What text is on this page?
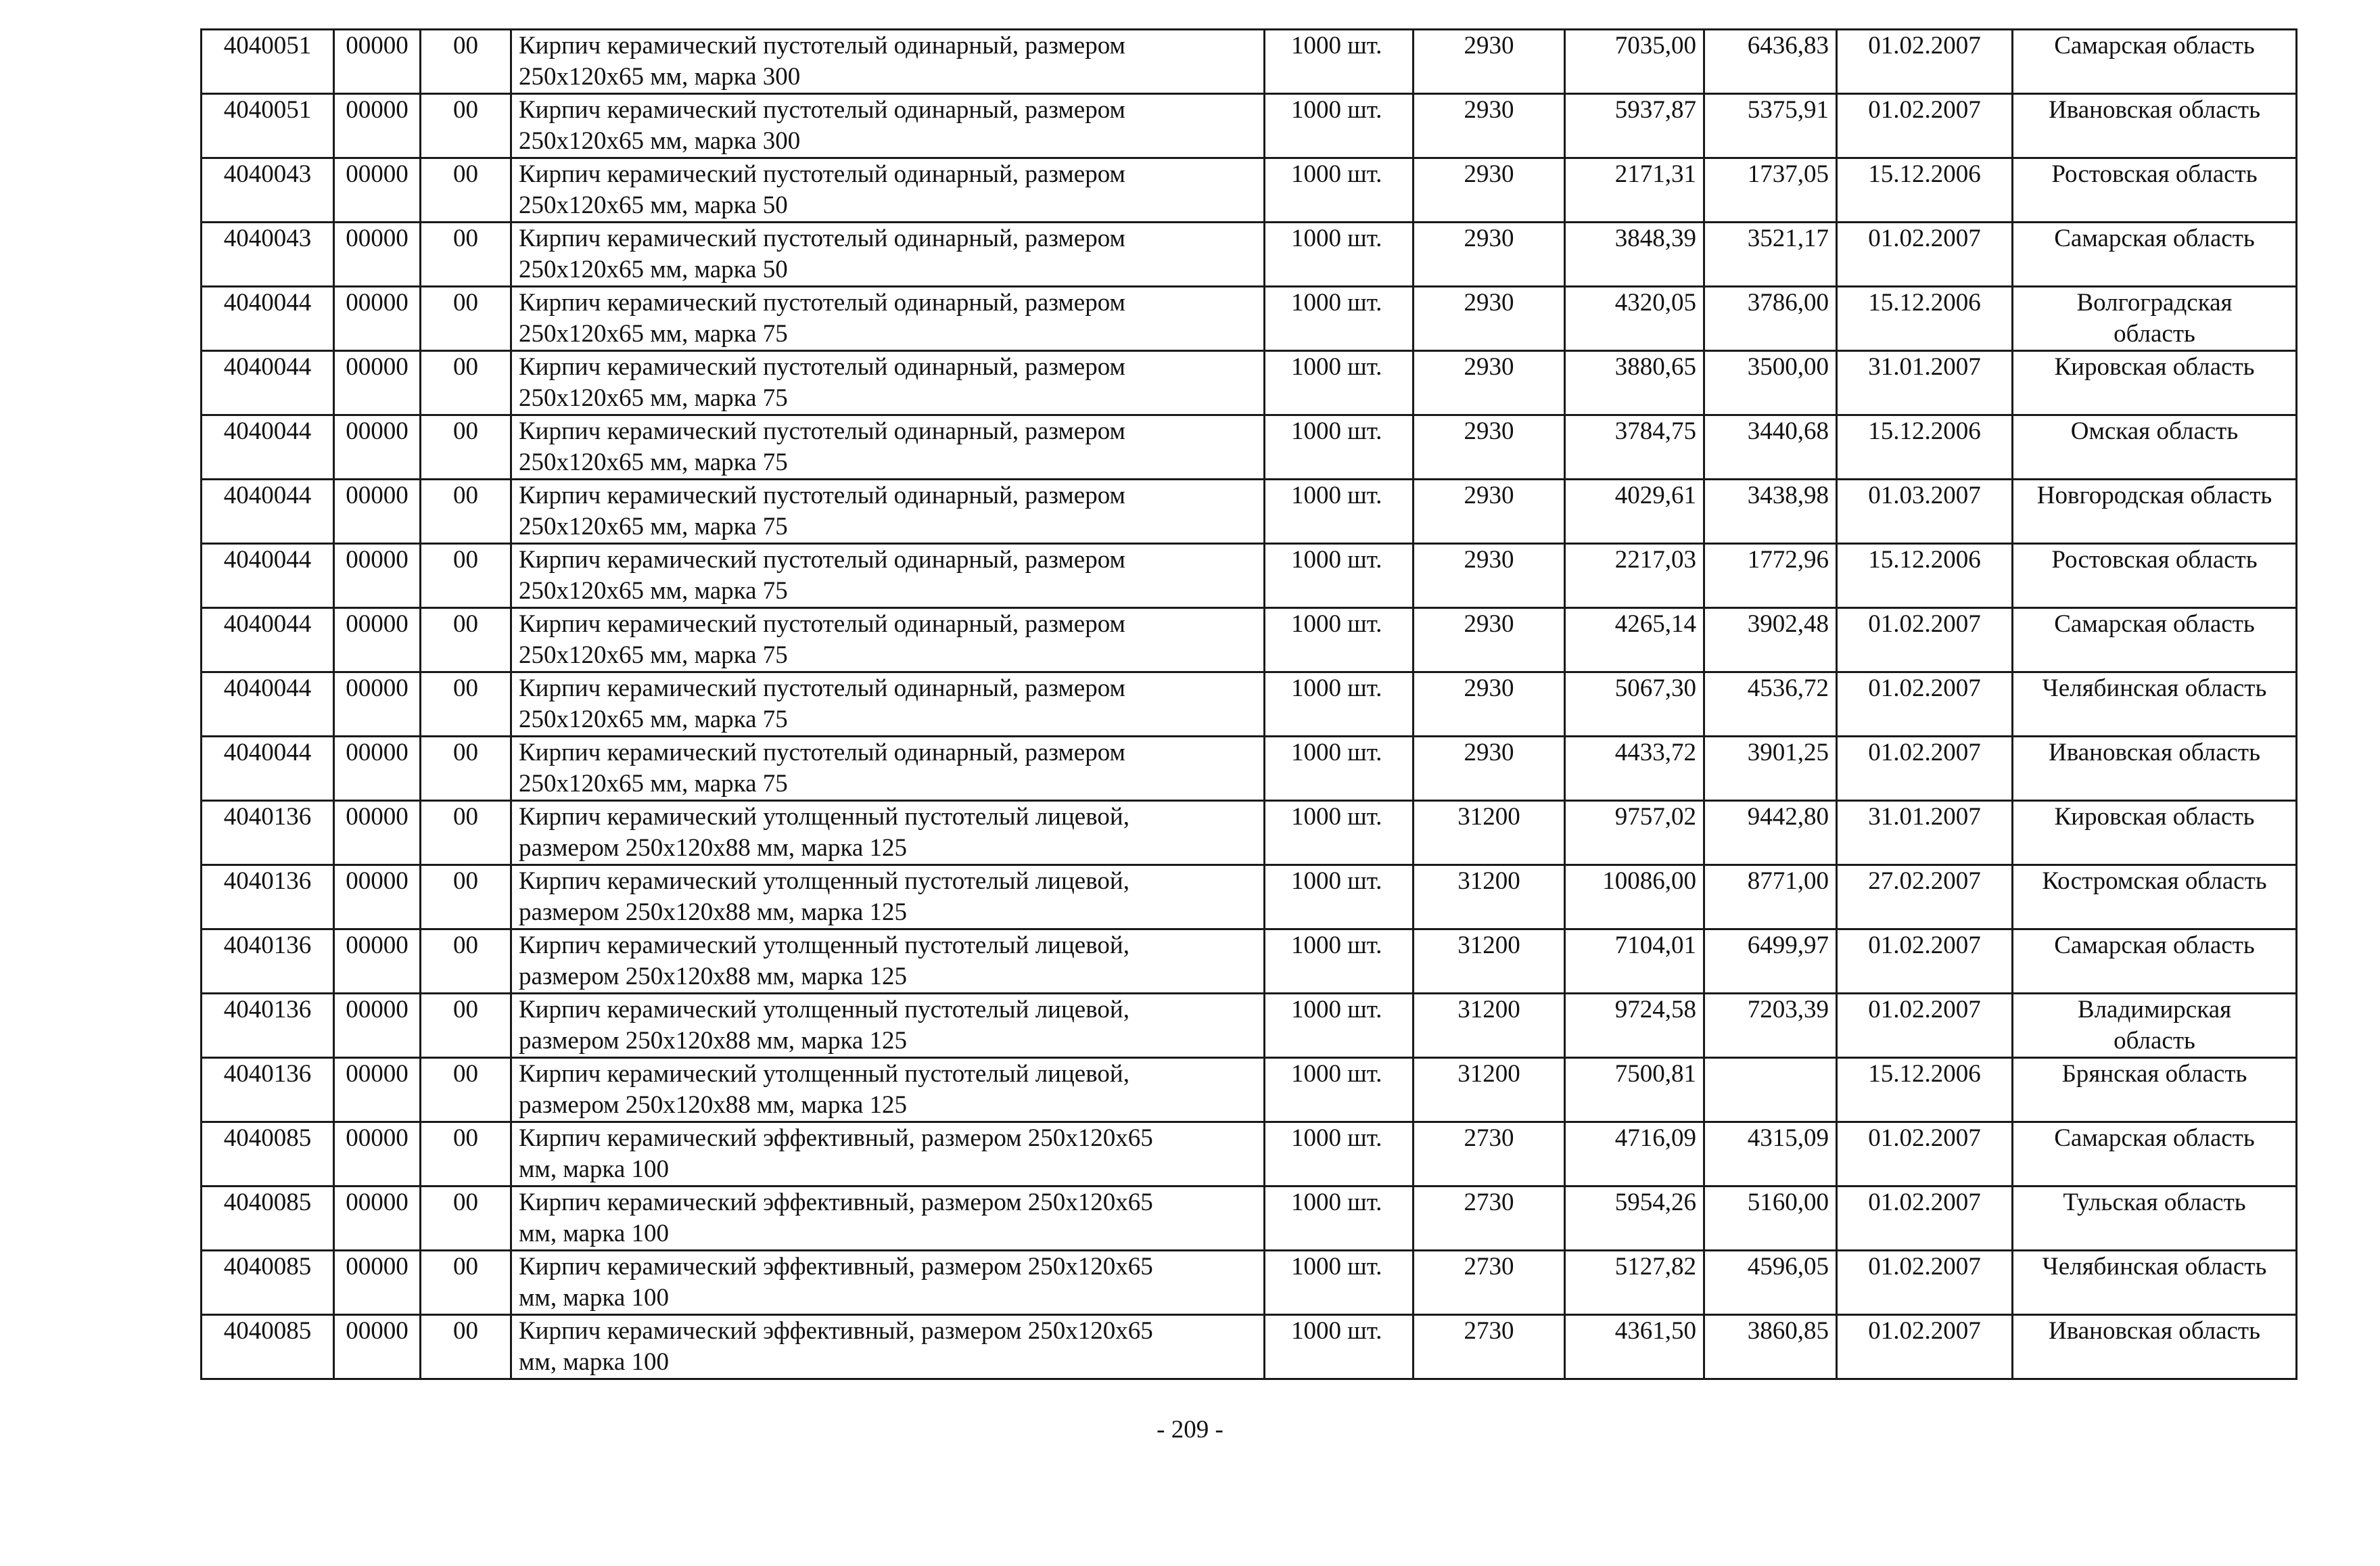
4040051	00000	00	Кирпич керамический пустотелый одинарный, размером
250х120х65 мм, марка 300	1000 шт.	2930	7035,00	6436,83	01.02.2007	Самарская область
4040051	00000	00	Кирпич керамический пустотелый одинарный, размером
250х120х65 мм, марка 300	1000 шт.	2930	5937,87	5375,91	01.02.2007	Ивановская область
4040043	00000	00	Кирпич керамический пустотелый одинарный, размером
250х120х65 мм, марка 50	1000 шт.	2930	2171,31	1737,05	15.12.2006	Ростовская область
4040043	00000	00	Кирпич керамический пустотелый одинарный, размером
250х120х65 мм, марка 50	1000 шт.	2930	3848,39	3521,17	01.02.2007	Самарская область
4040044	00000	00	Кирпич керамический пустотелый одинарный, размером
250х120х65 мм, марка 75	1000 шт.	2930	4320,05	3786,00	15.12.2006	Волгоградская
область
4040044	00000	00	Кирпич керамический пустотелый одинарный, размером
250х120х65 мм, марка 75	1000 шт.	2930	3880,65	3500,00	31.01.2007	Кировская область
4040044	00000	00	Кирпич керамический пустотелый одинарный, размером
250х120х65 мм, марка 75	1000 шт.	2930	3784,75	3440,68	15.12.2006	Омская область
4040044	00000	00	Кирпич керамический пустотелый одинарный, размером
250х120х65 мм, марка 75	1000 шт.	2930	4029,61	3438,98	01.03.2007	Новгородская область
4040044	00000	00	Кирпич керамический пустотелый одинарный, размером
250х120х65 мм, марка 75	1000 шт.	2930	2217,03	1772,96	15.12.2006	Ростовская область
4040044	00000	00	Кирпич керамический пустотелый одинарный, размером
250х120х65 мм, марка 75	1000 шт.	2930	4265,14	3902,48	01.02.2007	Самарская область
4040044	00000	00	Кирпич керамический пустотелый одинарный, размером
250х120х65 мм, марка 75	1000 шт.	2930	5067,30	4536,72	01.02.2007	Челябинская область
4040044	00000	00	Кирпич керамический пустотелый одинарный, размером
250х120х65 мм, марка 75	1000 шт.	2930	4433,72	3901,25	01.02.2007	Ивановская область
4040136	00000	00	Кирпич керамический утолщенный пустотелый лицевой,
размером 250х120х88 мм, марка 125	1000 шт.	31200	9757,02	9442,80	31.01.2007	Кировская область
4040136	00000	00	Кирпич керамический утолщенный пустотелый лицевой,
размером 250х120х88 мм, марка 125	1000 шт.	31200	10086,00	8771,00	27.02.2007	Костромская область
4040136	00000	00	Кирпич керамический утолщенный пустотелый лицевой,
размером 250х120х88 мм, марка 125	1000 шт.	31200	7104,01	6499,97	01.02.2007	Самарская область
4040136	00000	00	Кирпич керамический утолщенный пустотелый лицевой,
размером 250х120х88 мм, марка 125	1000 шт.	31200	9724,58	7203,39	01.02.2007	Владимирская
область
4040136	00000	00	Кирпич керамический утолщенный пустотелый лицевой,
размером 250х120х88 мм, марка 125	1000 шт.	31200	7500,81		15.12.2006	Брянская область
4040085	00000	00	Кирпич керамический эффективный, размером 250х120х65
мм, марка 100	1000 шт.	2730	4716,09	4315,09	01.02.2007	Самарская область
4040085	00000	00	Кирпич керамический эффективный, размером 250х120х65
мм, марка 100	1000 шт.	2730	5954,26	5160,00	01.02.2007	Тульская область
4040085	00000	00	Кирпич керамический эффективный, размером 250х120х65
мм, марка 100	1000 шт.	2730	5127,82	4596,05	01.02.2007	Челябинская область
4040085	00000	00	Кирпич керамический эффективный, размером 250х120х65
мм, марка 100	1000 шт.	2730	4361,50	3860,85	01.02.2007	Ивановская область
- 209 -
